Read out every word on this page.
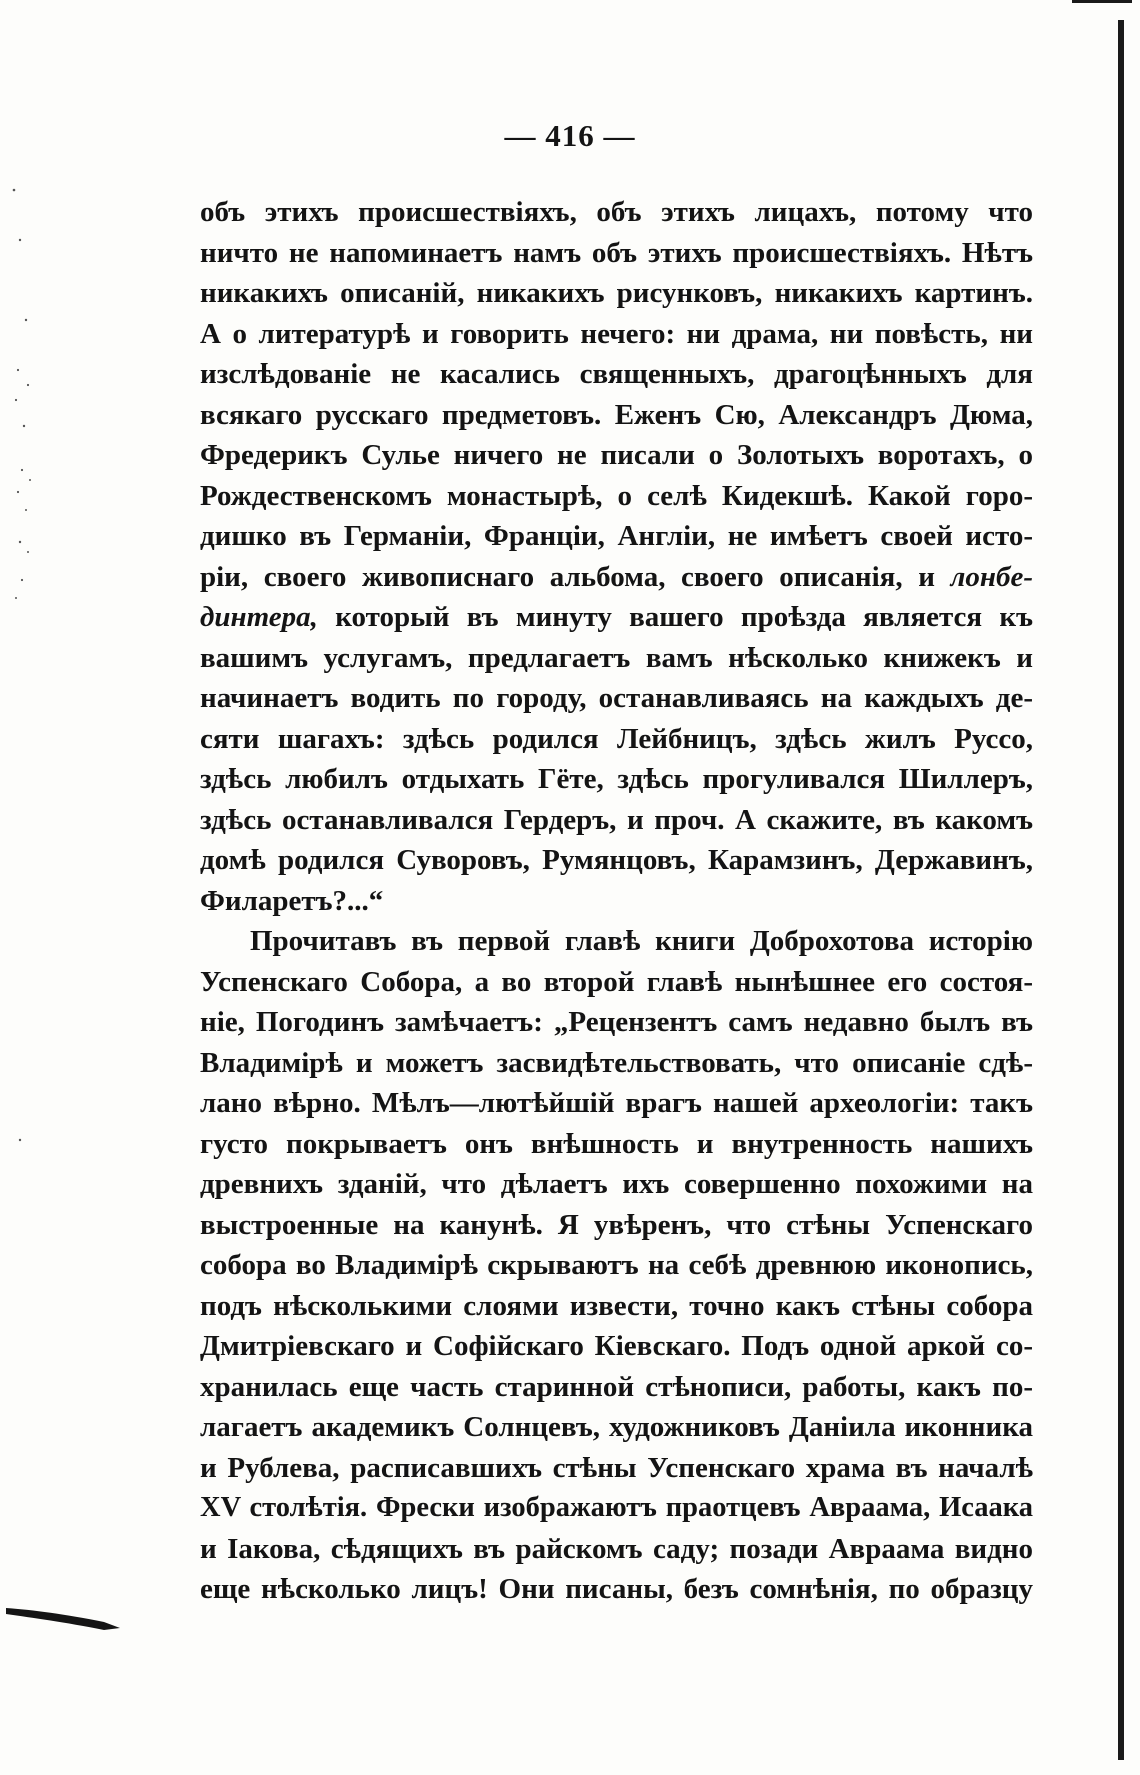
— 416 —
объ этихъ происшествіяхъ, объ этихъ лицахъ, потому что
ничто не напоминаетъ намъ объ этихъ происшествіяхъ. Нѣтъ
никакихъ описаній, никакихъ рисунковъ, никакихъ картинъ.
А о литературѣ и говорить нечего: ни драма, ни повѣсть, ни
изслѣдованіе не касались священныхъ, драгоцѣнныхъ для
всякаго русскаго предметовъ. Еженъ Сю, Александръ Дюма,
Фредерикъ Сулье ничего не писали о Золотыхъ воротахъ, о
Рождественскомъ монастырѣ, о селѣ Кидекшѣ. Какой горо-
дишко въ Германіи, Франціи, Англіи, не имѣетъ своей исто-
ріи, своего живописнаго альбома, своего описанія, и лонбе-
динтера, который въ минуту вашего проѣзда является къ
вашимъ услугамъ, предлагаетъ вамъ нѣсколько книжекъ и
начинаетъ водить по городу, останавливаясь на каждыхъ де-
сяти шагахъ: здѣсь родился Лейбницъ, здѣсь жилъ Руссо,
здѣсь любилъ отдыхать Гёте, здѣсь прогуливался Шиллеръ,
здѣсь останавливался Гердеръ, и проч. А скажите, въ какомъ
домѣ родился Суворовъ, Румянцовъ, Карамзинъ, Державинъ,
Филаретъ?...“
Прочитавъ въ первой главѣ книги Доброхотова исторію
Успенскаго Собора, а во второй главѣ нынѣшнее его состоя-
ніе, Погодинъ замѣчаетъ: „Рецензентъ самъ недавно былъ въ
Владимірѣ и можетъ засвидѣтельствовать, что описаніе сдѣ-
лано вѣрно. Мѣлъ—лютѣйшій врагъ нашей археологіи: такъ
густо покрываетъ онъ внѣшность и внутренность нашихъ
древнихъ зданій, что дѣлаетъ ихъ совершенно похожими на
выстроенные на канунѣ. Я увѣренъ, что стѣны Успенскаго
собора во Владимірѣ скрываютъ на себѣ древнюю иконопись,
подъ нѣсколькими слоями извести, точно какъ стѣны собора
Дмитріевскаго и Софійскаго Кіевскаго. Подъ одной аркой со-
хранилась еще часть старинной стѣнописи, работы, какъ по-
лагаетъ академикъ Солнцевъ, художниковъ Даніила иконника
и Рублева, расписавшихъ стѣны Успенскаго храма въ началѣ
XV столѣтія. Фрески изображаютъ праотцевъ Авраама, Исаака
и Іакова, сѣдящихъ въ райскомъ саду; позади Авраама видно
еще нѣсколько лицъ! Они писаны, безъ сомнѣнія, по образцу
